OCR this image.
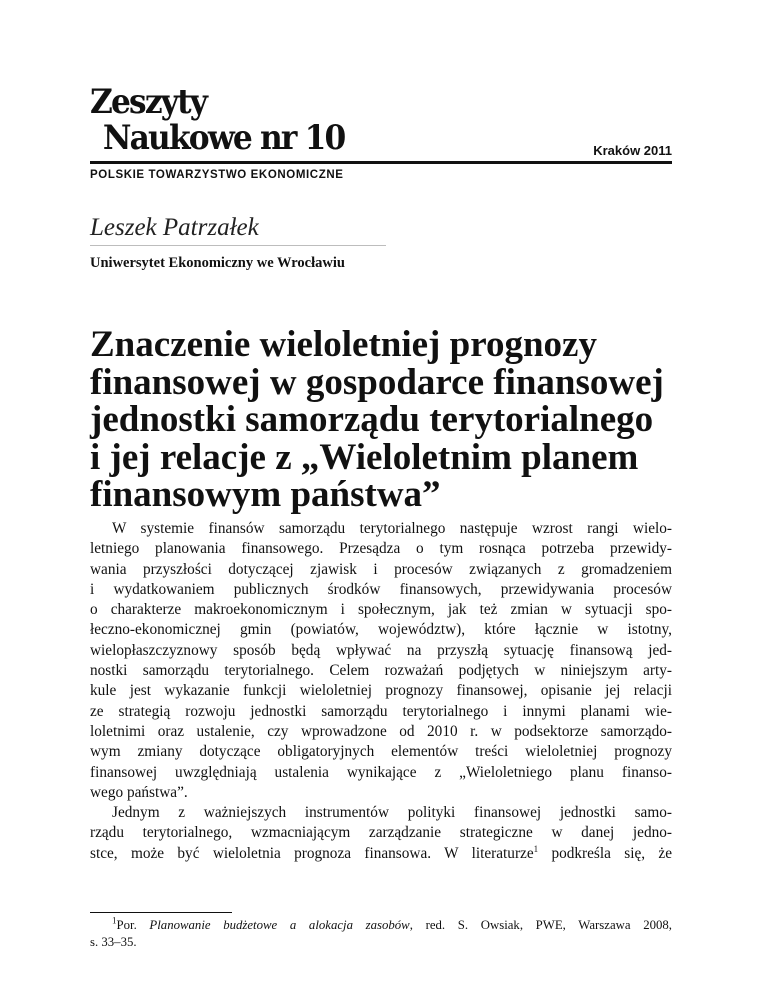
Zeszyty
Naukowe nr 10	Kraków 2011
POLSKIE TOWARZYSTWO EKONOMICZNE
Leszek Patrzałek
Uniwersytet Ekonomiczny we Wrocławiu
Znaczenie wieloletniej prognozy
finansowej w gospodarce finansowej
jednostki samorządu terytorialnego
i jej relacje z „Wieloletnim planem
finansowym państwa”
W systemie finansów samorządu terytorialnego następuje wzrost rangi wielo-
letniego planowania finansowego. Przesądza o tym rosnąca potrzeba przewidy-
wania przyszłości dotyczącej zjawisk i procesów związanych z gromadzeniem
i wydatkowaniem publicznych środków finansowych, przewidywania procesów
o charakterze makroekonomicznym i społecznym, jak też zmian w sytuacji spo-
łeczno-ekonomicznej gmin (powiatów, województw), które łącznie w istotny,
wielopłaszczyznowy sposób będą wpływać na przyszłą sytuację finansową jed-
nostki samorządu terytorialnego. Celem rozważań podjętych w niniejszym arty-
kule jest wykazanie funkcji wieloletniej prognozy finansowej, opisanie jej relacji
ze strategią rozwoju jednostki samorządu terytorialnego i innymi planami wie-
loletnimi oraz ustalenie, czy wprowadzone od 2010 r. w podsektorze samorządo-
wym zmiany dotyczące obligatoryjnych elementów treści wieloletniej prognozy
finansowej uwzględniają ustalenia wynikające z „Wieloletniego planu finanso-
wego państwa”.
Jednym z ważniejszych instrumentów polityki finansowej jednostki samo-
rządu terytorialnego, wzmacniającym zarządzanie strategiczne w danej jedno-
stce, może być wieloletnia prognoza finansowa. W literaturze$^1$ podkreśla się, że
$^1$Por. Planowanie budżetowe a alokacja zasobów, red. S. Owsiak, PWE, Warszawa 2008,
s. 33–35.
